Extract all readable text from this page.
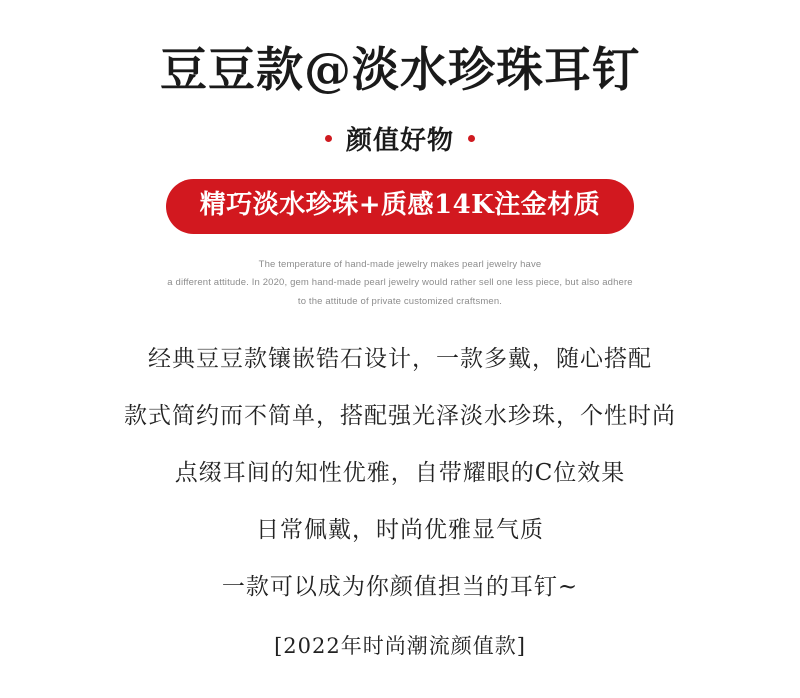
豆豆款@淡水珍珠耳钉
颜值好物
精巧淡水珍珠+质感14K注金材质
The temperature of hand-made jewelry makes pearl jewelry have
a different attitude. In 2020, gem hand-made pearl jewelry would rather sell one less piece, but also adhere
to the attitude of private customized craftsmen.
经典豆豆款镶嵌锆石设计，一款多戴，随心搭配
款式简约而不简单，搭配强光泽淡水珍珠，个性时尚
点缀耳间的知性优雅，自带耀眼的C位效果
日常佩戴，时尚优雅显气质
一款可以成为你颜值担当的耳钉~
[2022年时尚潮流颜值款]
